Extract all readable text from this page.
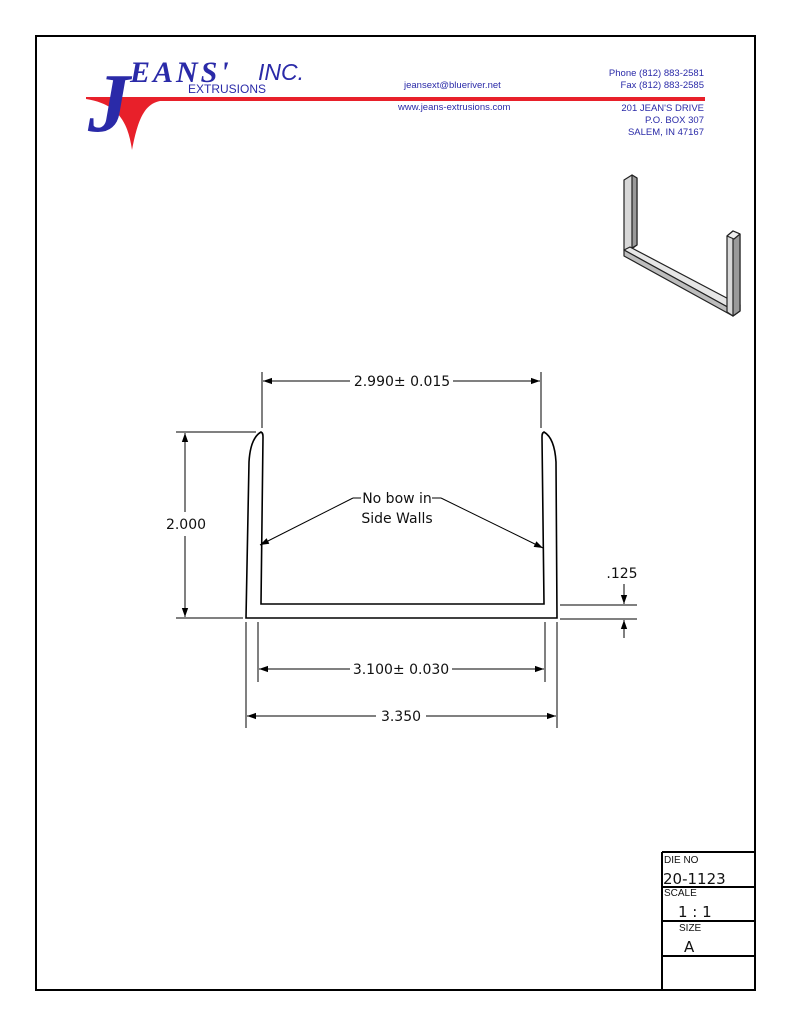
J EANS' INC.
EXTRUSIONS	jeansext@blueriver.net
www.jeans-extrusions.com
Phone (812) 883-2581
Fax (812) 883-2585
201 JEAN'S DRIVE
P.O. BOX 307
SALEM, IN 47167
2.990± 0.015
2.000
No bow in
Side Walls
.125
3.100± 0.030
3.350
DIE NO
20-1123
SCALE
1 : 1
SIZE
A
